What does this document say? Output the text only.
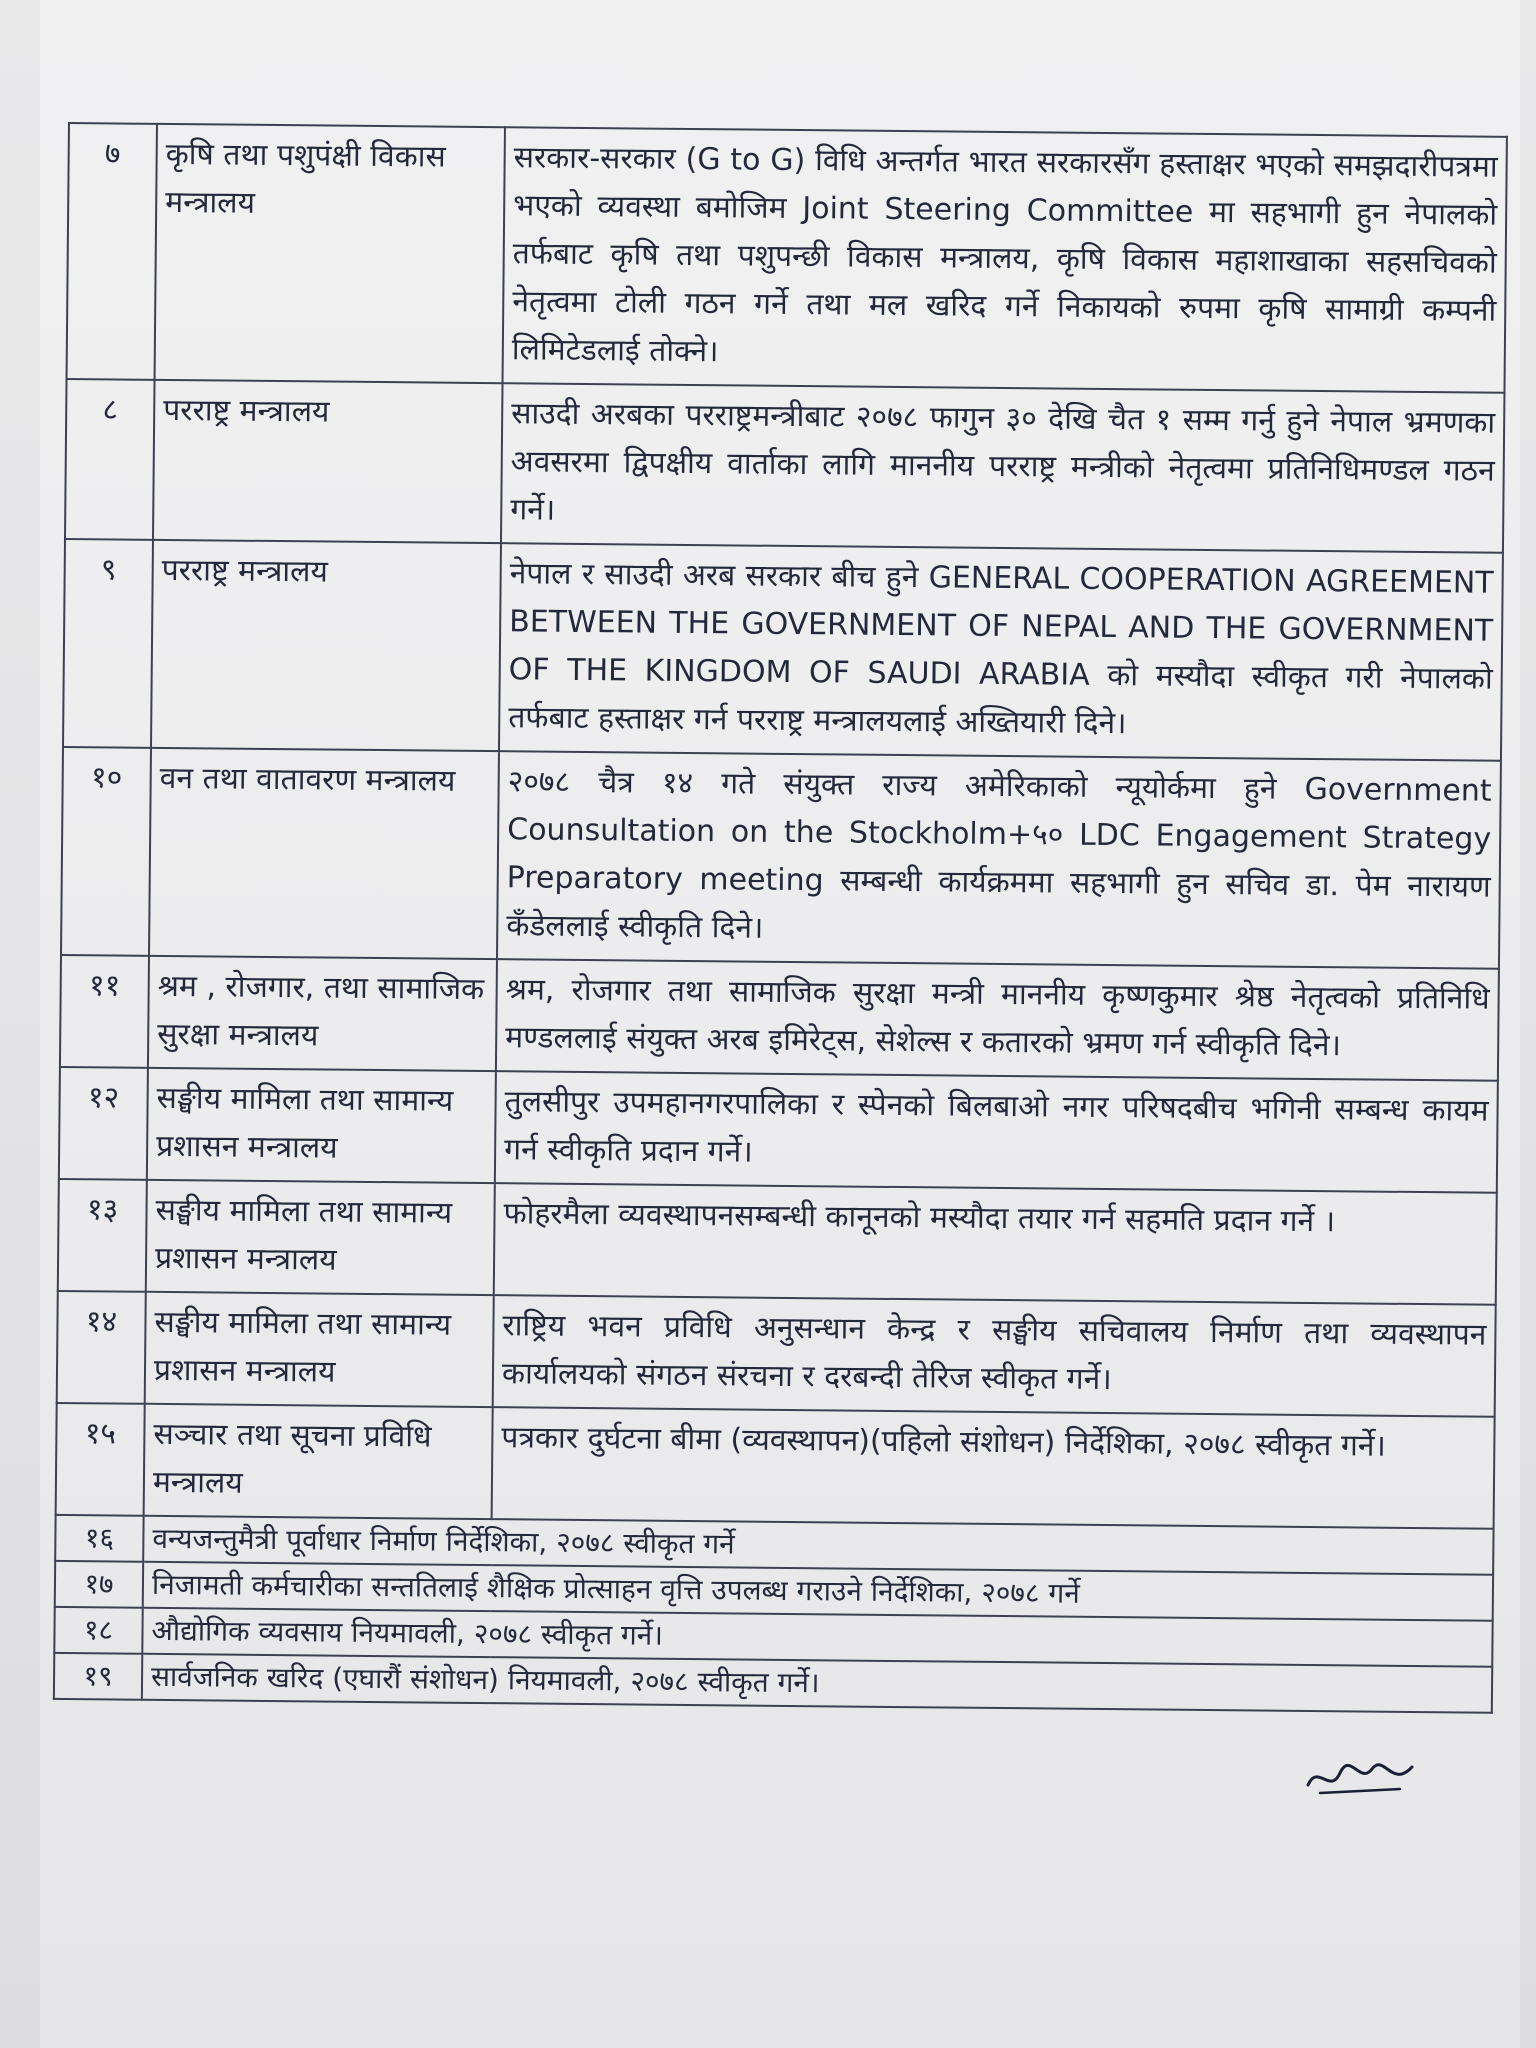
७	कृषि तथा पशुपंक्षी विकास मन्त्रालय	सरकार-सरकार (G to G) विधि अन्तर्गत भारत सरकारसँग हस्ताक्षर भएको समझदारीपत्रमा भएको व्यवस्था बमोजिम Joint Steering Committee मा सहभागी हुन नेपालको तर्फबाट कृषि तथा पशुपन्छी विकास मन्त्रालय, कृषि विकास महाशाखाका सहसचिवको नेतृत्वमा टोली गठन गर्ने तथा मल खरिद गर्ने निकायको रुपमा कृषि सामाग्री कम्पनी लिमिटेडलाई तोक्ने।
८	परराष्ट्र मन्त्रालय	साउदी अरबका परराष्ट्रमन्त्रीबाट २०७८ फागुन ३० देखि चैत १ सम्म गर्नु हुने नेपाल भ्रमणका अवसरमा द्विपक्षीय वार्ताका लागि माननीय परराष्ट्र मन्त्रीको नेतृत्वमा प्रतिनिधिमण्डल गठन गर्ने।
९	परराष्ट्र मन्त्रालय	नेपाल र साउदी अरब सरकार बीच हुने GENERAL COOPERATION AGREEMENT BETWEEN THE GOVERNMENT OF NEPAL AND THE GOVERNMENT OF THE KINGDOM OF SAUDI ARABIA को मस्यौदा स्वीकृत गरी नेपालको तर्फबाट हस्ताक्षर गर्न परराष्ट्र मन्त्रालयलाई अख्तियारी दिने।
१०	वन तथा वातावरण मन्त्रालय	२०७८ चैत्र १४ गते संयुक्त राज्य अमेरिकाको न्यूयोर्कमा हुने Government Counsultation on the Stockholm+५० LDC Engagement Strategy Preparatory meeting सम्बन्धी कार्यक्रममा सहभागी हुन सचिव डा. पेम नारायण कँडेललाई स्वीकृति दिने।
११	श्रम , रोजगार, तथा सामाजिक सुरक्षा मन्त्रालय	श्रम, रोजगार तथा सामाजिक सुरक्षा मन्त्री माननीय कृष्णकुमार श्रेष्ठ नेतृत्वको प्रतिनिधि मण्डललाई संयुक्त अरब इमिरेट्स, सेशेल्स र कतारको भ्रमण गर्न स्वीकृति दिने।
१२	सङ्घीय मामिला तथा सामान्य प्रशासन मन्त्रालय	तुलसीपुर उपमहानगरपालिका र स्पेनको बिलबाओ नगर परिषदबीच भगिनी सम्बन्ध कायम गर्न स्वीकृति प्रदान गर्ने।
१३	सङ्घीय मामिला तथा सामान्य प्रशासन मन्त्रालय	फोहरमैला व्यवस्थापनसम्बन्धी कानूनको मस्यौदा तयार गर्न सहमति प्रदान गर्ने ।
१४	सङ्घीय मामिला तथा सामान्य प्रशासन मन्त्रालय	राष्ट्रिय भवन प्रविधि अनुसन्धान केन्द्र र सङ्घीय सचिवालय निर्माण तथा व्यवस्थापन कार्यालयको संगठन संरचना र दरबन्दी तेरिज स्वीकृत गर्ने।
१५	सञ्चार तथा सूचना प्रविधि मन्त्रालय	पत्रकार दुर्घटना बीमा (व्यवस्थापन)(पहिलो संशोधन) निर्देशिका, २०७८ स्वीकृत गर्ने।
१६	वन्यजन्तुमैत्री पूर्वाधार निर्माण निर्देशिका, २०७८ स्वीकृत गर्ने	
१७	निजामती कर्मचारीका सन्ततिलाई शैक्षिक प्रोत्साहन वृत्ति उपलब्ध गराउने निर्देशिका, २०७८ गर्ने	
१८	औद्योगिक व्यवसाय नियमावली, २०७८ स्वीकृत गर्ने।	
१९	सार्वजनिक खरिद (एघारौं संशोधन) नियमावली, २०७८ स्वीकृत गर्ने।	
